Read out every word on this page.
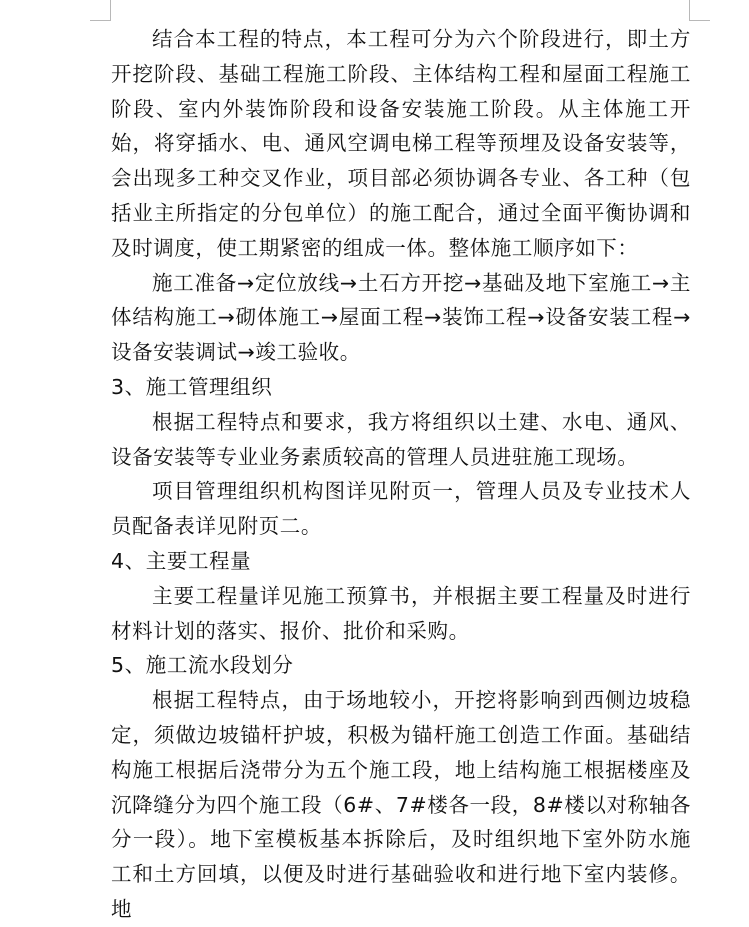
结合本工程的特点，本工程可分为六个阶段进行，即土方开挖阶段、基础工程施工阶段、主体结构工程和屋面工程施工阶段、室内外装饰阶段和设备安装施工阶段。从主体施工开始，将穿插水、电、通风空调电梯工程等预埋及设备安装等，会出现多工种交叉作业，项目部必须协调各专业、各工种（包括业主所指定的分包单位）的施工配合，通过全面平衡协调和及时调度，使工期紧密的组成一体。整体施工顺序如下：

施工准备→定位放线→土石方开挖→基础及地下室施工→主体结构施工→砌体施工→屋面工程→装饰工程→设备安装工程→设备安装调试→竣工验收。

3、施工管理组织

根据工程特点和要求，我方将组织以土建、水电、通风、设备安装等专业业务素质较高的管理人员进驻施工现场。

项目管理组织机构图详见附页一，管理人员及专业技术人员配备表详见附页二。

4、主要工程量

主要工程量详见施工预算书，并根据主要工程量及时进行材料计划的落实、报价、批价和采购。

5、施工流水段划分

根据工程特点，由于场地较小，开挖将影响到西侧边坡稳定，须做边坡锚杆护坡，积极为锚杆施工创造工作面。基础结构施工根据后浇带分为五个施工段，地上结构施工根据楼座及沉降缝分为四个施工段（6#、7#楼各一段，8#楼以对称轴各分一段）。地下室模板基本拆除后，及时组织地下室外防水施工和土方回填，以便及时进行基础验收和进行地下室内装修。地
